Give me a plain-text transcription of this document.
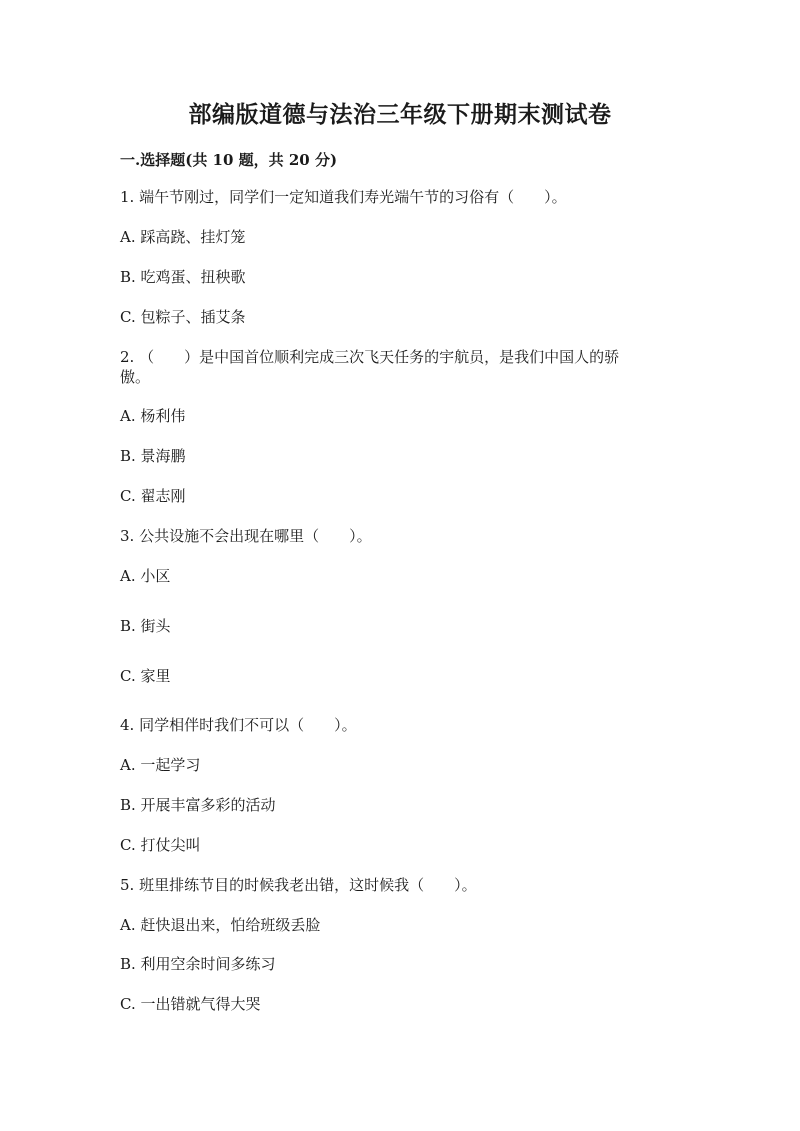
部编版道德与法治三年级下册期末测试卷
一.选择题(共 10 题，共 20 分)
1. 端午节刚过，同学们一定知道我们寿光端午节的习俗有（　　）。
A. 踩高跷、挂灯笼
B. 吃鸡蛋、扭秧歌
C. 包粽子、插艾条
2. （　　）是中国首位顺利完成三次飞天任务的宇航员，是我们中国人的骄
傲。
A. 杨利伟
B. 景海鹏
C. 翟志刚
3. 公共设施不会出现在哪里（　　）。
A. 小区
B. 街头
C. 家里
4. 同学相伴时我们不可以（　　）。
A. 一起学习
B. 开展丰富多彩的活动
C. 打仗尖叫
5. 班里排练节目的时候我老出错，这时候我（　　）。
A. 赶快退出来，怕给班级丢脸
B. 利用空余时间多练习
C. 一出错就气得大哭
